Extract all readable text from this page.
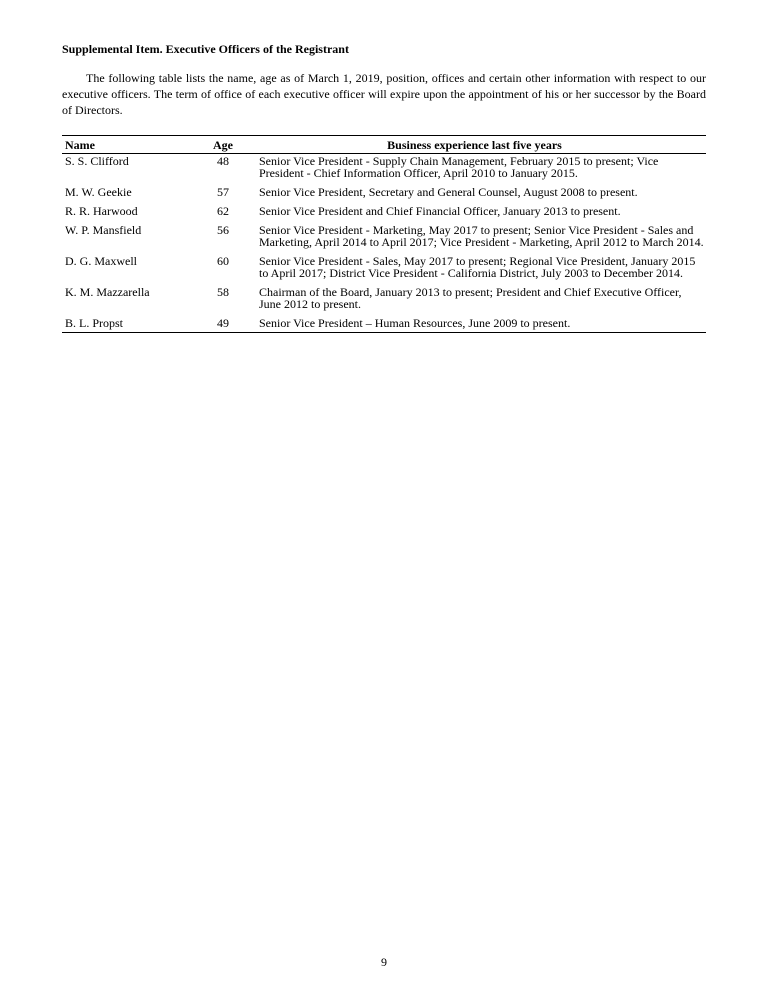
Supplemental Item. Executive Officers of the Registrant

The following table lists the name, age as of March 1, 2019, position, offices and certain other information with respect to our executive officers. The term of office of each executive officer will expire upon the appointment of his or her successor by the Board of Directors.

Name	Age	Business experience last five years
S. S. Clifford	48	Senior Vice President - Supply Chain Management, February 2015 to present; Vice President - Chief Information Officer, April 2010 to January 2015.
M. W. Geekie	57	Senior Vice President, Secretary and General Counsel, August 2008 to present.
R. R. Harwood	62	Senior Vice President and Chief Financial Officer, January 2013 to present.
W. P. Mansfield	56	Senior Vice President - Marketing, May 2017 to present; Senior Vice President - Sales and Marketing, April 2014 to April 2017; Vice President - Marketing, April 2012 to March 2014.
D. G. Maxwell	60	Senior Vice President - Sales, May 2017 to present; Regional Vice President, January 2015 to April 2017; District Vice President - California District, July 2003 to December 2014.
K. M. Mazzarella	58	Chairman of the Board, January 2013 to present; President and Chief Executive Officer, June 2012 to present.
B. L. Propst	49	Senior Vice President – Human Resources, June 2009 to present.
9
